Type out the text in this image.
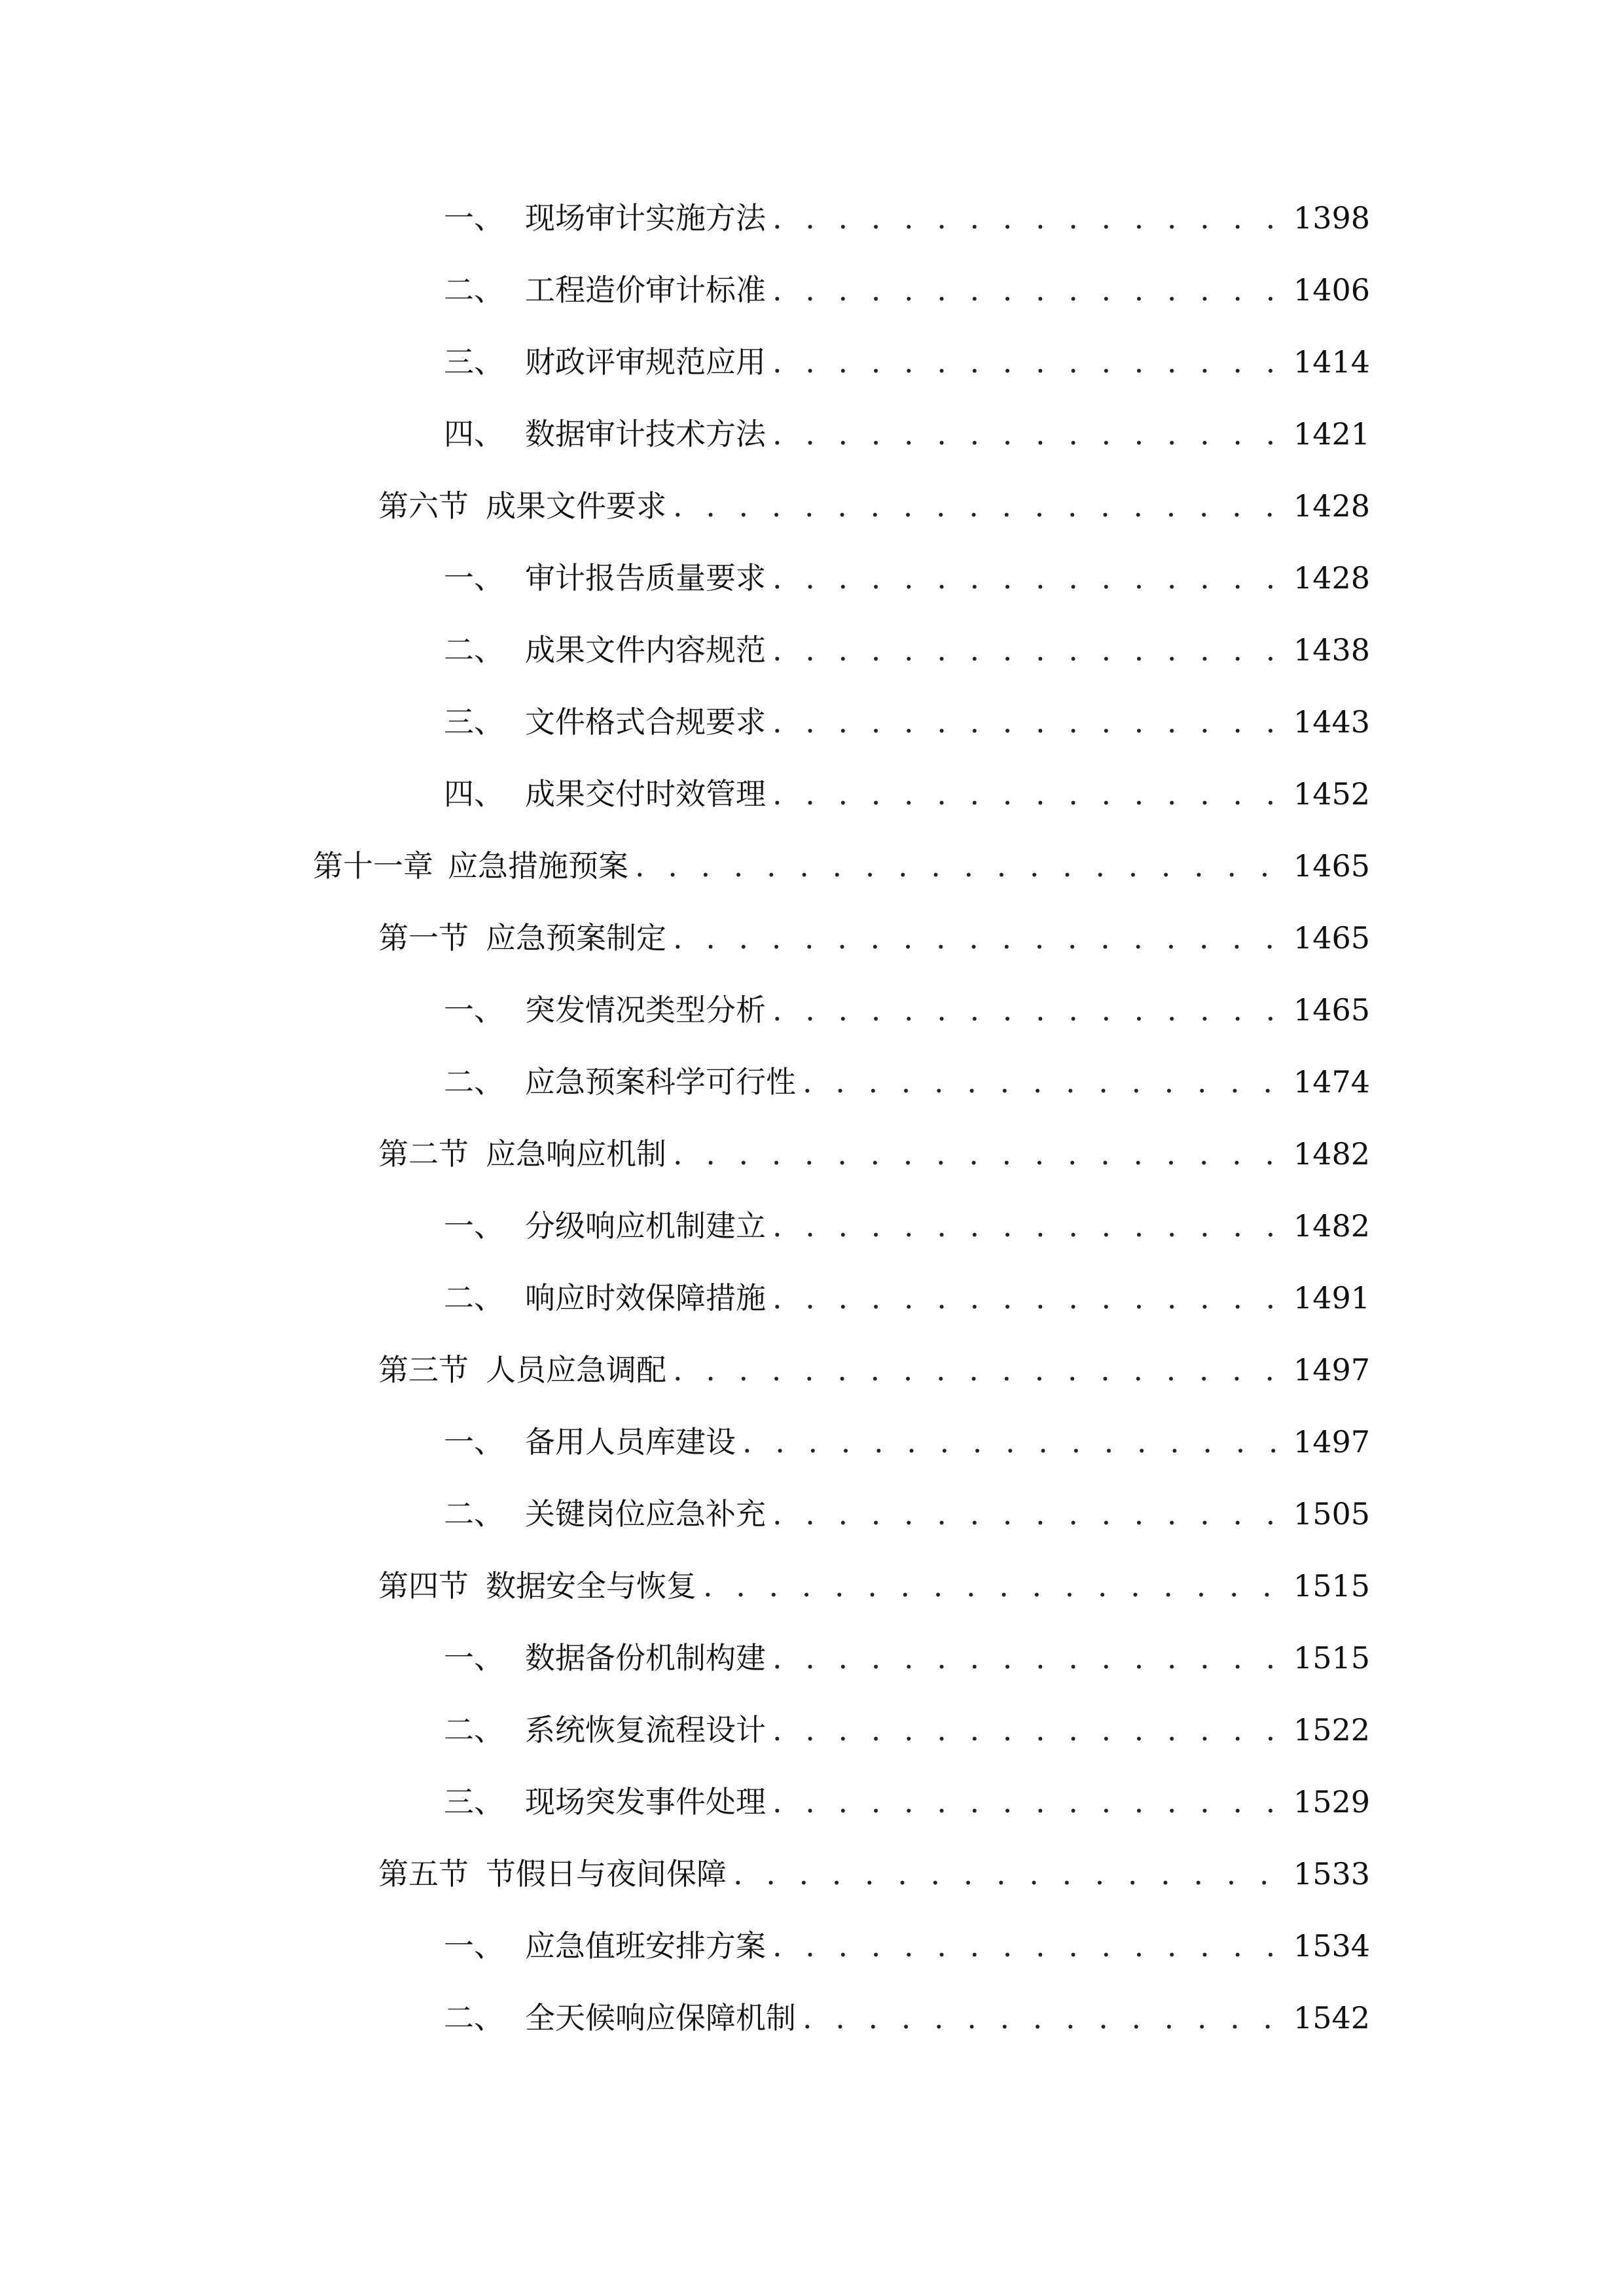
一、 现场审计实施方法 . . .	1398
二、 工程造价审计标准 . . .	1406
三、 财政评审规范应用 . . .	1414
四、 数据审计技术方法 . . .	1421
第六节 成果文件要求 . . .	1428
一、 审计报告质量要求 . . .	1428
二、 成果文件内容规范 . . .	1438
三、 文件格式合规要求 . . .	1443
四、 成果交付时效管理 . . .	1452
第十一章 应急措施预案 . . .	1465
第一节 应急预案制定 . . .	1465
一、 突发情况类型分析 . . .	1465
二、 应急预案科学可行性 . . .	1474
第二节 应急响应机制 . . .	1482
一、 分级响应机制建立 . . .	1482
二、 响应时效保障措施 . . .	1491
第三节 人员应急调配 . . .	1497
一、 备用人员库建设 . . .	1497
二、 关键岗位应急补充 . . .	1505
第四节 数据安全与恢复 . . .	1515
一、 数据备份机制构建 . . .	1515
二、 系统恢复流程设计 . . .	1522
三、 现场突发事件处理 . . .	1529
第五节 节假日与夜间保障 . . .	1533
一、 应急值班安排方案 . . .	1534
二、 全天候响应保障机制 . . .	1542
